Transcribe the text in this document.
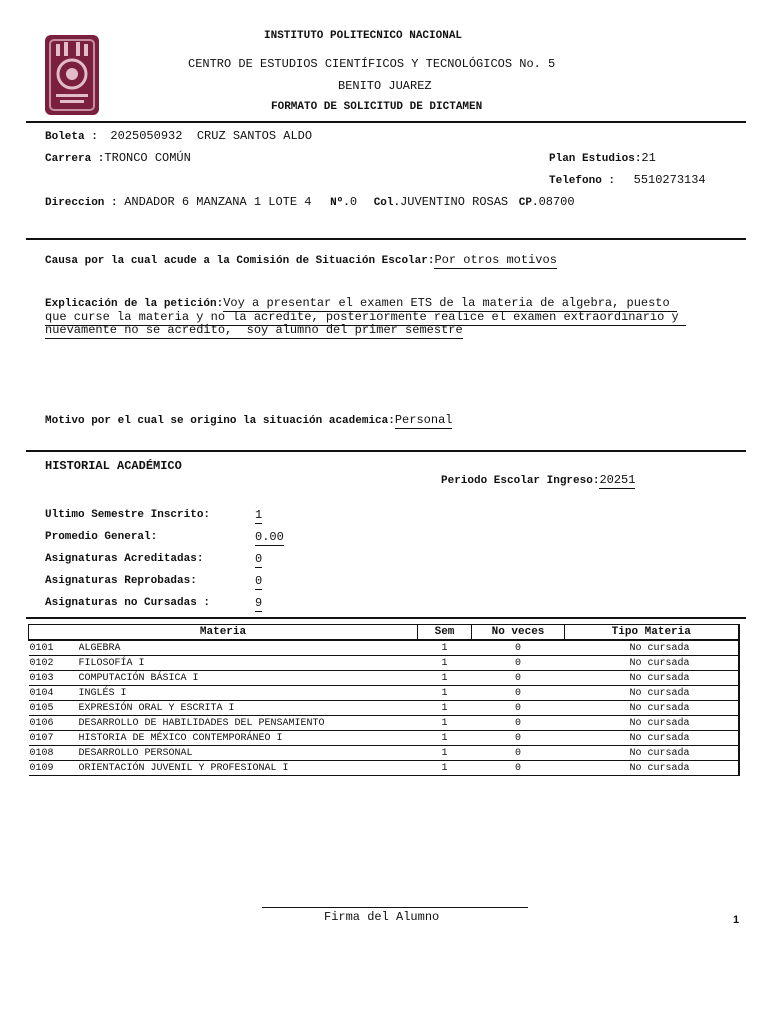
INSTITUTO POLITECNICO NACIONAL
CENTRO DE ESTUDIOS CIENTÍFICOS Y TECNOLÓGICOS No. 5
BENITO JUAREZ
FORMATO DE SOLICITUD DE DICTAMEN
Boleta : 2025050932  CRUZ SANTOS ALDO
Carrera :TRONCO COMÚN	Plan Estudios:21
Telefono : 5510273134
Direccion : ANDADOR 6 MANZANA 1 LOTE 4 Nº.0 Col.JUVENTINO ROSAS CP.08700
Causa por la cual acude a la Comisión de Situación Escolar:Por otros motivos
Explicación de la petición:Voy a presentar el examen ETS de la materia de algebra, puesto
que curse la materia y no la acredite, posteriormente realice el examen extraordinario y
nuevamente no se acredito,  soy alumno del primer semestre
Motivo por el cual se origino la situación academica:Personal
HISTORIAL ACADÉMICO
Periodo Escolar Ingreso:20251
Ultimo Semestre Inscrito:	1
Promedio General:	0.00
Asignaturas Acreditadas:	0
Asignaturas Reprobadas:	0
Asignaturas no Cursadas :	9
Materia		Sem	No veces	Tipo Materia
0101	ALGEBRA	1	0	No cursada
0102	FILOSOFÍA I	1	0	No cursada
0103	COMPUTACIÓN BÁSICA I	1	0	No cursada
0104	INGLÉS I	1	0	No cursada
0105	EXPRESIÓN ORAL Y ESCRITA I	1	0	No cursada
0106	DESARROLLO DE HABILIDADES DEL PENSAMIENTO	1	0	No cursada
0107	HISTORIA DE MÉXICO CONTEMPORÁNEO I	1	0	No cursada
0108	DESARROLLO PERSONAL	1	0	No cursada
0109	ORIENTACIÓN JUVENIL Y PROFESIONAL I	1	0	No cursada
Firma del Alumno	1
